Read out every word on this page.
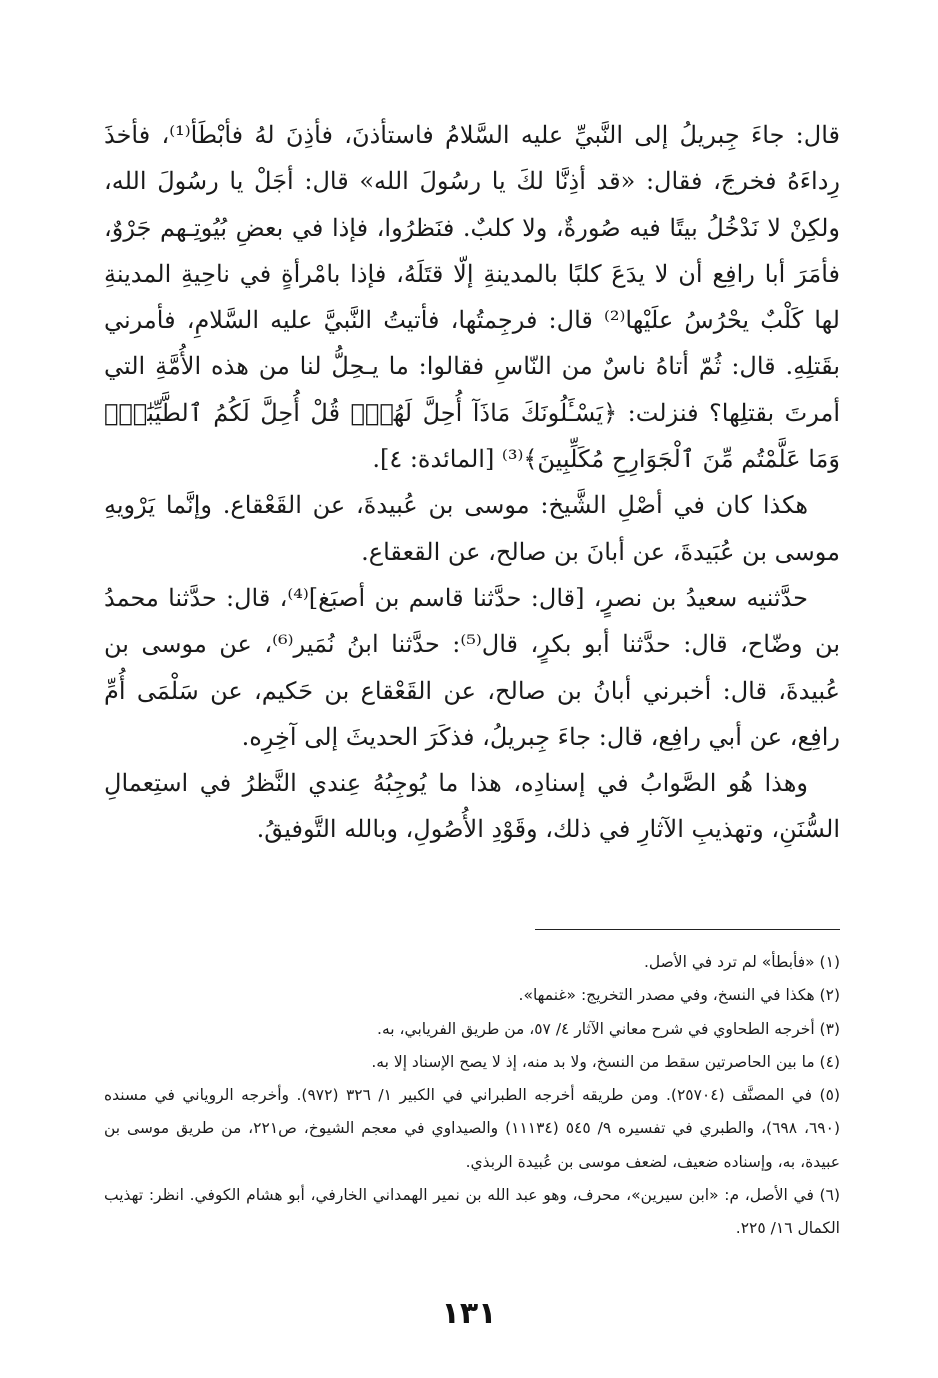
قال: جاءَ جِبريلُ إلى النَّبيِّ عليه السَّلامُ فاستأذنَ، فأذِنَ لهُ فأبْطَأ⁽¹⁾، فأخذَ رِداءَهُ فخرجَ، فقال: «قد أذِنَّا لكَ يا رسُولَ الله» قال: أجَلْ يا رسُولَ الله، ولكِنْ لا نَدْخُلُ بيتًا فيه صُورةٌ، ولا كلبٌ. فنَظرُوا، فإذا في بعضِ بُيُوتِـهم جَرْوٌ، فأمَرَ أبا رافِع أن لا يدَعَ كلبًا بالمدينةِ إلّا قتَلَهُ، فإذا بامْرأةٍ في ناحِيةِ المدينةِ لها كَلْبٌ يحْرُسُ علَيْها⁽²⁾ قال: فرجِمتُها، فأتيتُ النَّبيَّ عليه السَّلامِ، فأمرني بقَتلِهِ. قال: ثُمّ أتاهُ ناسٌ من النّاسِ فقالوا: ما يـحِلُّ لنا من هذه الأُمَّةِ التي أمرتَ بقتلِها؟ فنزلت: ﴿يَسْـَٔلُونَكَ مَاذَآ أُحِلَّ لَهُمْۖ قُلْ أُحِلَّ لَكُمُ ٱلطَّيِّبَٰتُۙ وَمَا عَلَّمْتُم مِّنَ ٱلْجَوَارِحِ مُكَلِّبِينَ﴾⁽³⁾ [المائدة: ٤].

هكذا كان في أصْلِ الشَّيخ: موسى بن عُبيدةَ، عن القَعْقاع. وإنَّما يَرْويهِ موسى بن عُبَيدةَ، عن أبانَ بن صالح، عن القعقاع.

حدَّثنيه سعيدُ بن نصرٍ، [قال: حدَّثنا قاسم بن أصبَغ]⁽⁴⁾، قال: حدَّثنا محمدُ بن وضّاح، قال: حدَّثنا أبو بكرٍ، قال⁽⁵⁾: حدَّثنا ابنُ نُمَير⁽⁶⁾، عن موسى بن عُبيدةَ، قال: أخبرني أبانُ بن صالح، عن القَعْقاع بن حَكيم، عن سَلْمَى أُمِّ رافِع، عن أبي رافِع، قال: جاءَ جِبريلُ، فذكَرَ الحديثَ إلى آخِرِه.

وهذا هُو الصَّوابُ في إسنادِه، هذا ما يُوجِبُهُ عِندي النَّظرُ في استِعمالِ السُّنَنِ، وتهذيبِ الآثارِ في ذلك، وقَوْدِ الأُصُولِ، وبالله التَّوفيقُ.

(١) «فأبطأ» لم ترد في الأصل.

(٢) هكذا في النسخ، وفي مصدر التخريج: «غنمها».

(٣) أخرجه الطحاوي في شرح معاني الآثار ٤/ ٥٧، من طريق الفريابي، به.

(٤) ما بين الحاصرتين سقط من النسخ، ولا بد منه، إذ لا يصح الإسناد إلا به.

(٥) في المصنَّف (٢٥٧٠٤). ومن طريقه أخرجه الطبراني في الكبير ١/ ٣٢٦ (٩٧٢). وأخرجه الروياني في مسنده (٦٩٠، ٦٩٨)، والطبري في تفسيره ٩/ ٥٤٥ (١١١٣٤) والصيداوي في معجم الشيوخ، ص٢٢١، من طريق موسى بن عبيدة، به، وإسناده ضعيف، لضعف موسى بن عُبيدة الربذي.

(٦) في الأصل، م: «ابن سيرين»، محرف، وهو عبد الله بن نمير الهمداني الخارفي، أبو هشام الكوفي. انظر: تهذيب الكمال ١٦/ ٢٢٥.

١٣١
